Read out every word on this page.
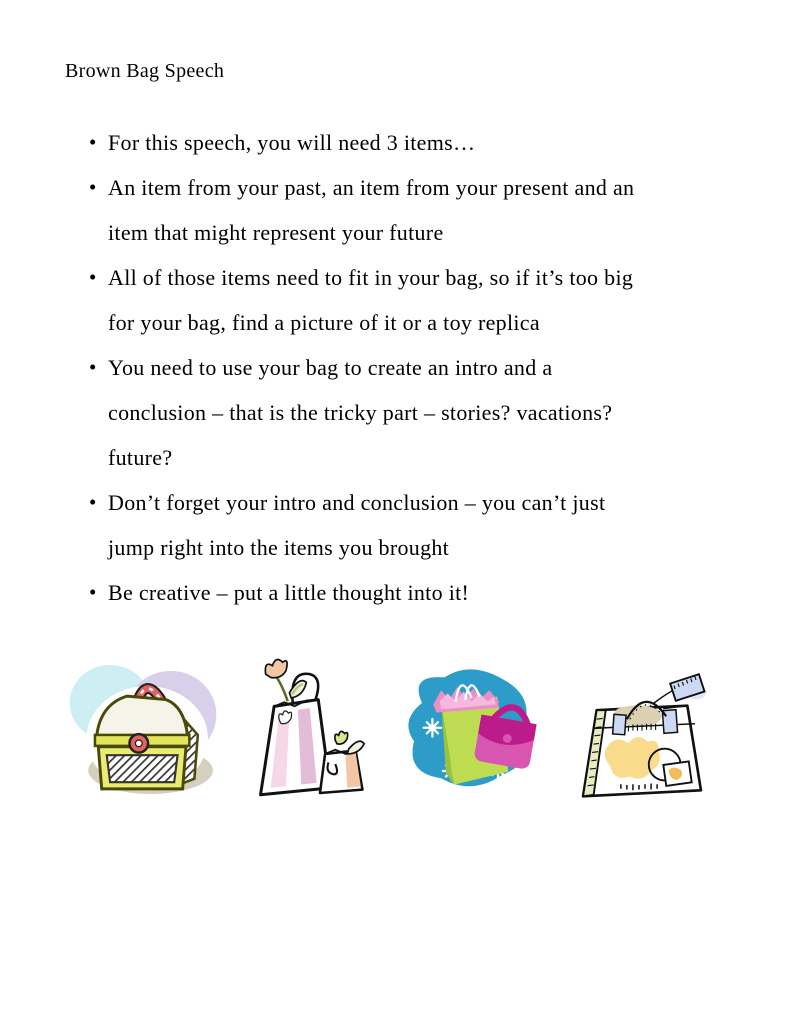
Brown Bag Speech
• For this speech, you will need 3 items…
• An item from your past, an item from your present and an
item that might represent your future
• All of those items need to fit in your bag, so if it’s too big
for your bag, find a picture of it or a toy replica
• You need to use your bag to create an intro and a
conclusion – that is the tricky part – stories? vacations?
future?
• Don’t forget your intro and conclusion – you can’t just
jump right into the items you brought
• Be creative – put a little thought into it!
